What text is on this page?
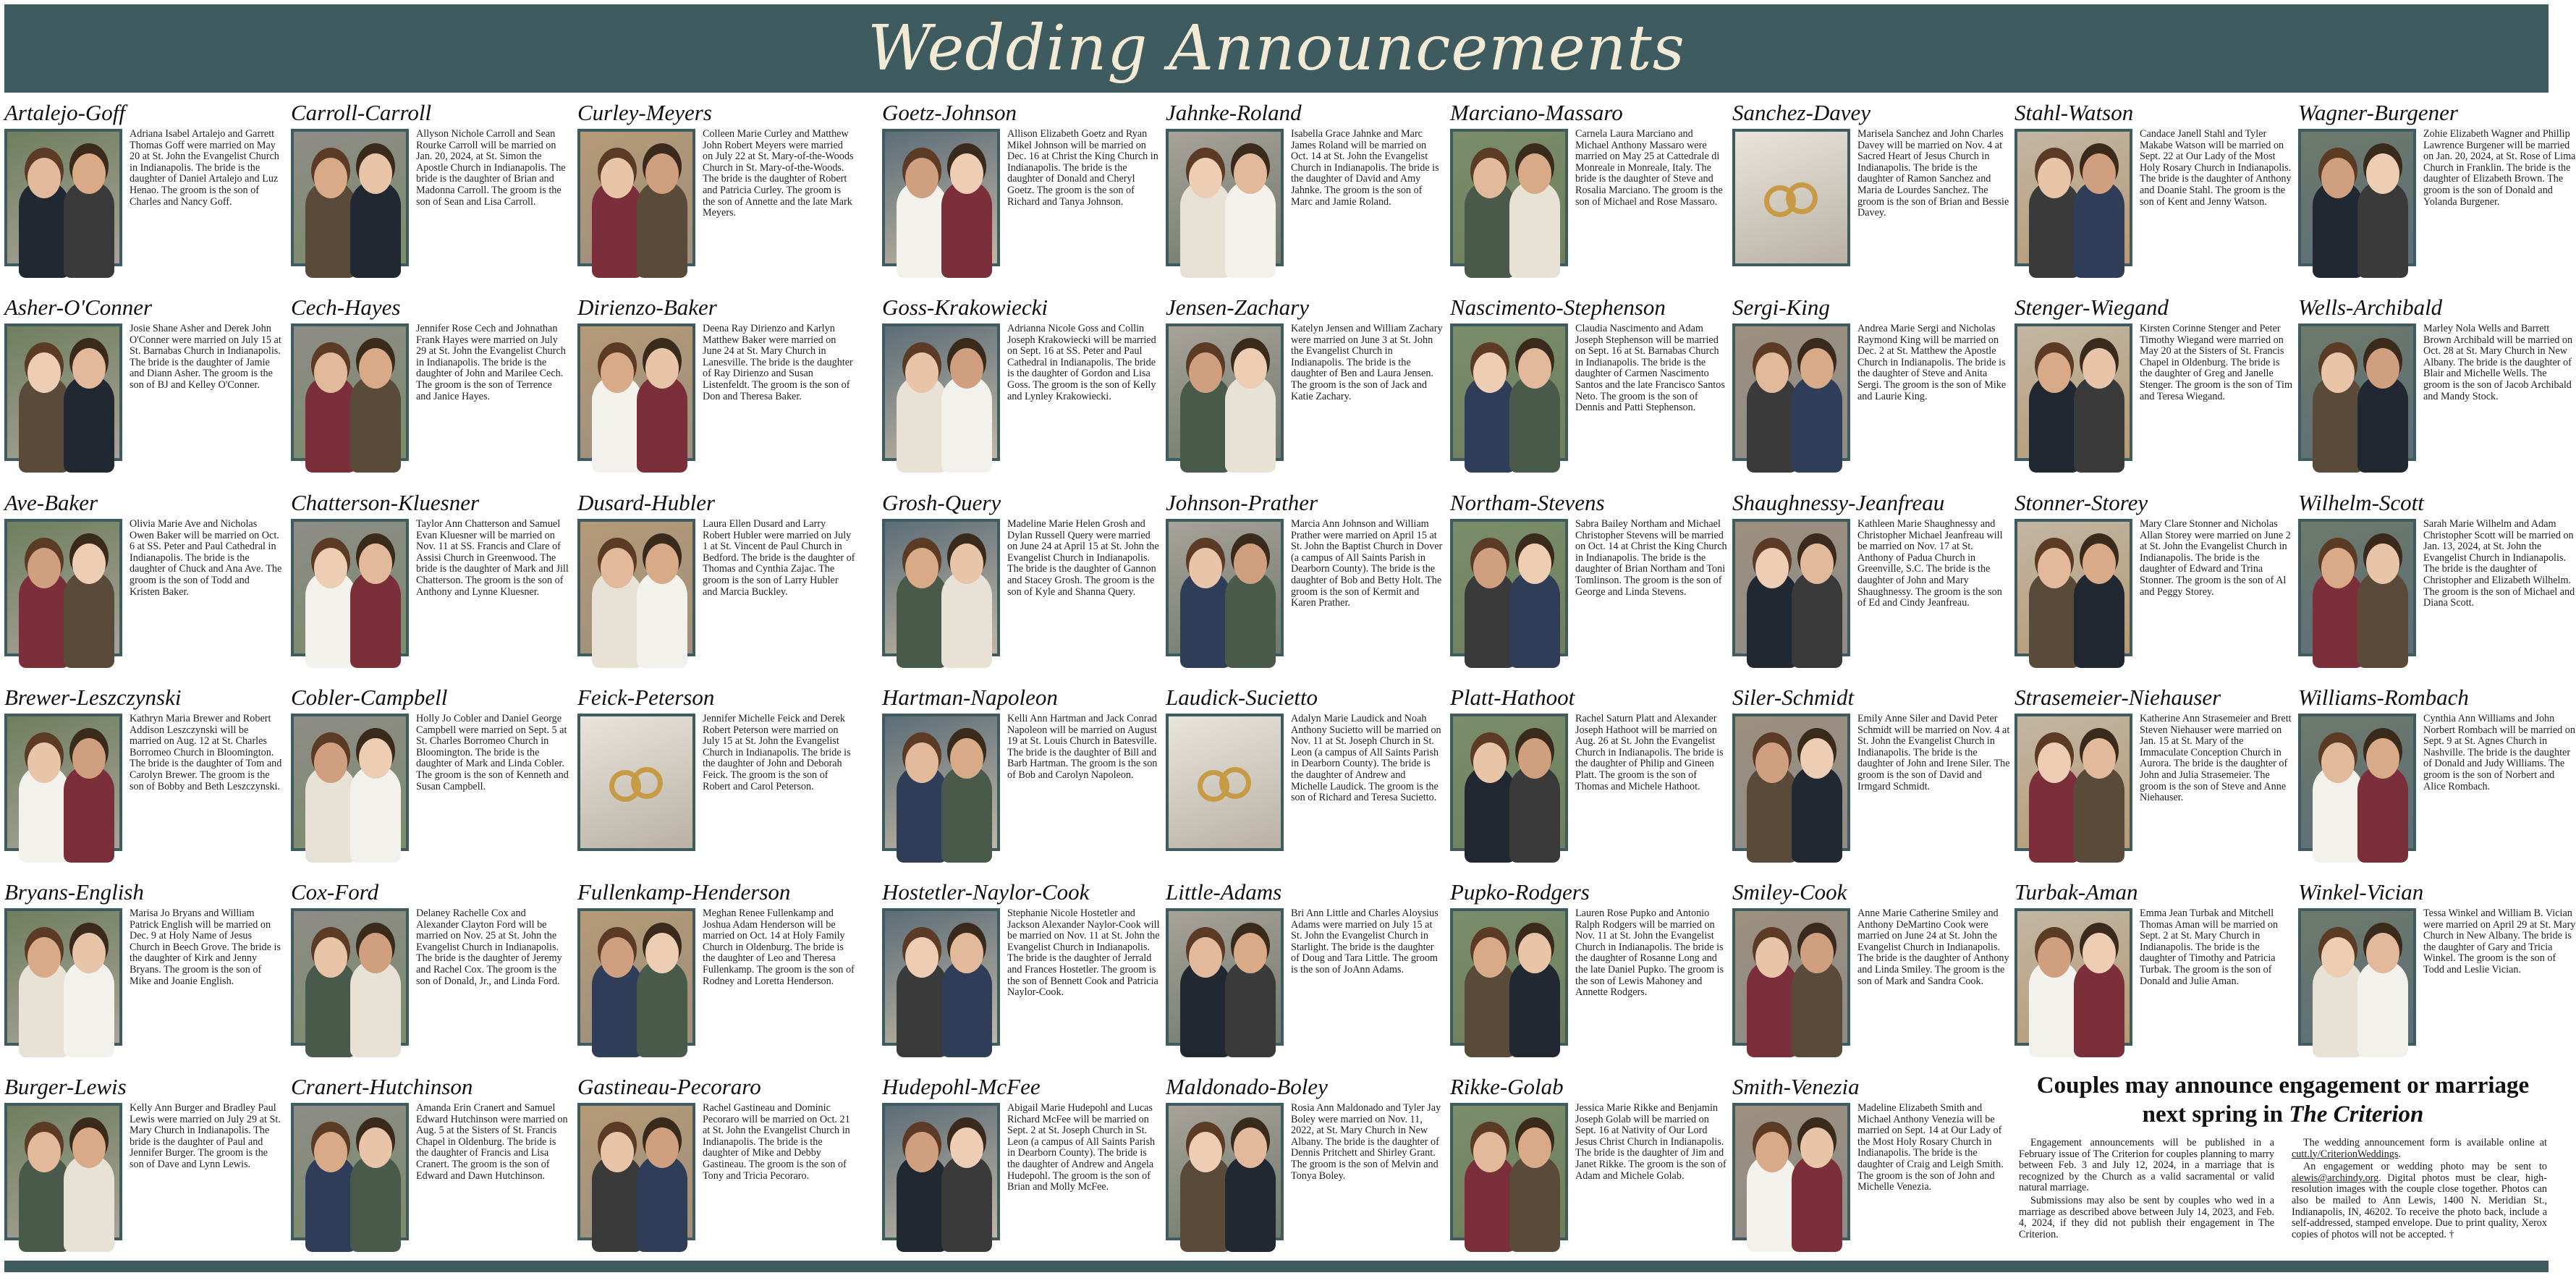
Wedding Announcements
Artalejo-Goff
Adriana Isabel Artalejo and Garrett Thomas Goff were married on May 20 at St. John the Evangelist Church in Indianapolis. The bride is the daughter of Daniel Artalejo and Luz Henao. The groom is the son of Charles and Nancy Goff.
Carroll-Carroll
Allyson Nichole Carroll and Sean Rourke Carroll will be married on Jan. 20, 2024, at St. Simon the Apostle Church in Indianapolis. The bride is the daughter of Brian and Madonna Carroll. The groom is the son of Sean and Lisa Carroll.
Curley-Meyers
Colleen Marie Curley and Matthew John Robert Meyers were married on July 22 at St. Mary-of-the-Woods Church in St. Mary-of-the-Woods. The bride is the daughter of Robert and Patricia Curley. The groom is the son of Annette and the late Mark Meyers.
Goetz-Johnson
Allison Elizabeth Goetz and Ryan Mikel Johnson will be married on Dec. 16 at Christ the King Church in Indianapolis. The bride is the daughter of Donald and Cheryl Goetz. The groom is the son of Richard and Tanya Johnson.
Jahnke-Roland
Isabella Grace Jahnke and Marc James Roland will be married on Oct. 14 at St. John the Evangelist Church in Indianapolis. The bride is the daughter of David and Amy Jahnke. The groom is the son of Marc and Jamie Roland.
Marciano-Massaro
Carnela Laura Marciano and Michael Anthony Massaro were married on May 25 at Cattedrale di Monreale in Monreale, Italy. The bride is the daughter of Steve and Rosalia Marciano. The groom is the son of Michael and Rose Massaro.
Sanchez-Davey
Marisela Sanchez and John Charles Davey will be married on Nov. 4 at Sacred Heart of Jesus Church in Indianapolis. The bride is the daughter of Ramon Sanchez and Maria de Lourdes Sanchez. The groom is the son of Brian and Bessie Davey.
Stahl-Watson
Candace Janell Stahl and Tyler Makabe Watson will be married on Sept. 22 at Our Lady of the Most Holy Rosary Church in Indianapolis. The bride is the daughter of Anthony and Doanie Stahl. The groom is the son of Kent and Jenny Watson.
Wagner-Burgener
Zohie Elizabeth Wagner and Phillip Lawrence Burgener will be married on Jan. 20, 2024, at St. Rose of Lima Church in Franklin. The bride is the daughter of Elizabeth Brown. The groom is the son of Donald and Yolanda Burgener.
Asher-O'Conner
Josie Shane Asher and Derek John O'Conner were married on July 15 at St. Barnabas Church in Indianapolis. The bride is the daughter of Jamie and Diann Asher. The groom is the son of BJ and Kelley O'Conner.
Cech-Hayes
Jennifer Rose Cech and Johnathan Frank Hayes were married on July 29 at St. John the Evangelist Church in Indianapolis. The bride is the daughter of John and Marilee Cech. The groom is the son of Terrence and Janice Hayes.
Dirienzo-Baker
Deena Ray Dirienzo and Karlyn Matthew Baker were married on June 24 at St. Mary Church in Lanesville. The bride is the daughter of Ray Dirienzo and Susan Listenfeldt. The groom is the son of Don and Theresa Baker.
Goss-Krakowiecki
Adrianna Nicole Goss and Collin Joseph Krakowiecki will be married on Sept. 16 at SS. Peter and Paul Cathedral in Indianapolis. The bride is the daughter of Gordon and Lisa Goss. The groom is the son of Kelly and Lynley Krakowiecki.
Jensen-Zachary
Katelyn Jensen and William Zachary were married on June 3 at St. John the Evangelist Church in Indianapolis. The bride is the daughter of Ben and Laura Jensen. The groom is the son of Jack and Katie Zachary.
Nascimento-Stephenson
Claudia Nascimento and Adam Joseph Stephenson will be married on Sept. 16 at St. Barnabas Church in Indianapolis. The bride is the daughter of Carmen Nascimento Santos and the late Francisco Santos Neto. The groom is the son of Dennis and Patti Stephenson.
Sergi-King
Andrea Marie Sergi and Nicholas Raymond King will be married on Dec. 2 at St. Matthew the Apostle Church in Indianapolis. The bride is the daughter of Steve and Anita Sergi. The groom is the son of Mike and Laurie King.
Stenger-Wiegand
Kirsten Corinne Stenger and Peter Timothy Wiegand were married on May 20 at the Sisters of St. Francis Chapel in Oldenburg. The bride is the daughter of Greg and Janelle Stenger. The groom is the son of Tim and Teresa Wiegand.
Wells-Archibald
Marley Nola Wells and Barrett Brown Archibald will be married on Oct. 28 at St. Mary Church in New Albany. The bride is the daughter of Blair and Michelle Wells. The groom is the son of Jacob Archibald and Mandy Stock.
Ave-Baker
Olivia Marie Ave and Nicholas Owen Baker will be married on Oct. 6 at SS. Peter and Paul Cathedral in Indianapolis. The bride is the daughter of Chuck and Ana Ave. The groom is the son of Todd and Kristen Baker.
Chatterson-Kluesner
Taylor Ann Chatterson and Samuel Evan Kluesner will be married on Nov. 11 at SS. Francis and Clare of Assisi Church in Greenwood. The bride is the daughter of Mark and Jill Chatterson. The groom is the son of Anthony and Lynne Kluesner.
Dusard-Hubler
Laura Ellen Dusard and Larry Robert Hubler were married on July 1 at St. Vincent de Paul Church in Bedford. The bride is the daughter of Thomas and Cynthia Zajac. The groom is the son of Larry Hubler and Marcia Buckley.
Grosh-Query
Madeline Marie Helen Grosh and Dylan Russell Query were married on June 24 at April 15 at St. John the Evangelist Church in Indianapolis. The bride is the daughter of Gannon and Stacey Grosh. The groom is the son of Kyle and Shanna Query.
Johnson-Prather
Marcia Ann Johnson and William Prather were married on April 15 at St. John the Baptist Church in Dover (a campus of All Saints Parish in Dearborn County). The bride is the daughter of Bob and Betty Holt. The groom is the son of Kermit and Karen Prather.
Northam-Stevens
Sabra Bailey Northam and Michael Christopher Stevens will be married on Oct. 14 at Christ the King Church in Indianapolis. The bride is the daughter of Brian Northam and Toni Tomlinson. The groom is the son of George and Linda Stevens.
Shaughnessy-Jeanfreau
Kathleen Marie Shaughnessy and Christopher Michael Jeanfreau will be married on Nov. 17 at St. Anthony of Padua Church in Greenville, S.C. The bride is the daughter of John and Mary Shaughnessy. The groom is the son of Ed and Cindy Jeanfreau.
Stonner-Storey
Mary Clare Stonner and Nicholas Allan Storey were married on June 2 at St. John the Evangelist Church in Indianapolis. The bride is the daughter of Edward and Trina Stonner. The groom is the son of Al and Peggy Storey.
Wilhelm-Scott
Sarah Marie Wilhelm and Adam Christopher Scott will be married on Jan. 13, 2024, at St. John the Evangelist Church in Indianapolis. The bride is the daughter of Christopher and Elizabeth Wilhelm. The groom is the son of Michael and Diana Scott.
Brewer-Leszczynski
Kathryn Maria Brewer and Robert Addison Leszczynski will be married on Aug. 12 at St. Charles Borromeo Church in Bloomington. The bride is the daughter of Tom and Carolyn Brewer. The groom is the son of Bobby and Beth Leszczynski.
Cobler-Campbell
Holly Jo Cobler and Daniel George Campbell were married on Sept. 5 at St. Charles Borromeo Church in Bloomington. The bride is the daughter of Mark and Linda Cobler. The groom is the son of Kenneth and Susan Campbell.
Feick-Peterson
Jennifer Michelle Feick and Derek Robert Peterson were married on July 15 at St. John the Evangelist Church in Indianapolis. The bride is the daughter of John and Deborah Feick. The groom is the son of Robert and Carol Peterson.
Hartman-Napoleon
Kelli Ann Hartman and Jack Conrad Napoleon will be married on August 19 at St. Louis Church in Batesville. The bride is the daughter of Bill and Barb Hartman. The groom is the son of Bob and Carolyn Napoleon.
Laudick-Sucietto
Adalyn Marie Laudick and Noah Anthony Sucietto will be married on Nov. 11 at St. Joseph Church in St. Leon (a campus of All Saints Parish in Dearborn County). The bride is the daughter of Andrew and Michelle Laudick. The groom is the son of Richard and Teresa Sucietto.
Platt-Hathoot
Rachel Saturn Platt and Alexander Joseph Hathoot will be married on Aug. 26 at St. John the Evangelist Church in Indianapolis. The bride is the daughter of Philip and Gineen Platt. The groom is the son of Thomas and Michele Hathoot.
Siler-Schmidt
Emily Anne Siler and David Peter Schmidt will be married on Nov. 4 at St. John the Evangelist Church in Indianapolis. The bride is the daughter of John and Irene Siler. The groom is the son of David and Irmgard Schmidt.
Strasemeier-Niehauser
Katherine Ann Strasemeier and Brett Steven Niehauser were married on Jan. 15 at St. Mary of the Immaculate Conception Church in Aurora. The bride is the daughter of John and Julia Strasemeier. The groom is the son of Steve and Anne Niehauser.
Williams-Rombach
Cynthia Ann Williams and John Norbert Rombach will be married on Sept. 9 at St. Agnes Church in Nashville. The bride is the daughter of Donald and Judy Williams. The groom is the son of Norbert and Alice Rombach.
Bryans-English
Marisa Jo Bryans and William Patrick English will be married on Dec. 9 at Holy Name of Jesus Church in Beech Grove. The bride is the daughter of Kirk and Jenny Bryans. The groom is the son of Mike and Joanie English.
Cox-Ford
Delaney Rachelle Cox and Alexander Clayton Ford will be married on Nov. 25 at St. John the Evangelist Church in Indianapolis. The bride is the daughter of Jeremy and Rachel Cox. The groom is the son of Donald, Jr., and Linda Ford.
Fullenkamp-Henderson
Meghan Renee Fullenkamp and Joshua Adam Henderson will be married on Oct. 14 at Holy Family Church in Oldenburg. The bride is the daughter of Leo and Theresa Fullenkamp. The groom is the son of Rodney and Loretta Henderson.
Hostetler-Naylor-Cook
Stephanie Nicole Hostetler and Jackson Alexander Naylor-Cook will be married on Nov. 11 at St. John the Evangelist Church in Indianapolis. The bride is the daughter of Jerrald and Frances Hostetler. The groom is the son of Bennett Cook and Patricia Naylor-Cook.
Little-Adams
Bri Ann Little and Charles Aloysius Adams were married on July 15 at St. John the Evangelist Church in Starlight. The bride is the daughter of Doug and Tara Little. The groom is the son of JoAnn Adams.
Pupko-Rodgers
Lauren Rose Pupko and Antonio Ralph Rodgers will be married on Nov. 11 at St. John the Evangelist Church in Indianapolis. The bride is the daughter of Rosanne Long and the late Daniel Pupko. The groom is the son of Lewis Mahoney and Annette Rodgers.
Smiley-Cook
Anne Marie Catherine Smiley and Anthony DeMartino Cook were married on June 24 at St. John the Evangelist Church in Indianapolis. The bride is the daughter of Anthony and Linda Smiley. The groom is the son of Mark and Sandra Cook.
Turbak-Aman
Emma Jean Turbak and Mitchell Thomas Aman will be married on Sept. 2 at St. Mary Church in Indianapolis. The bride is the daughter of Timothy and Patricia Turbak. The groom is the son of Donald and Julie Aman.
Winkel-Vician
Tessa Winkel and William B. Vician were married on April 29 at St. Mary Church in New Albany. The bride is the daughter of Gary and Tricia Winkel. The groom is the son of Todd and Leslie Vician.
Burger-Lewis
Kelly Ann Burger and Bradley Paul Lewis were married on July 29 at St. Mary Church in Indianapolis. The bride is the daughter of Paul and Jennifer Burger. The groom is the son of Dave and Lynn Lewis.
Cranert-Hutchinson
Amanda Erin Cranert and Samuel Edward Hutchinson were married on Aug. 5 at the Sisters of St. Francis Chapel in Oldenburg. The bride is the daughter of Francis and Lisa Cranert. The groom is the son of Edward and Dawn Hutchinson.
Gastineau-Pecoraro
Rachel Gastineau and Dominic Pecoraro will be married on Oct. 21 at St. John the Evangelist Church in Indianapolis. The bride is the daughter of Mike and Debby Gastineau. The groom is the son of Tony and Tricia Pecoraro.
Hudepohl-McFee
Abigail Marie Hudepohl and Lucas Richard McFee will be married on Sept. 2 at St. Joseph Church in St. Leon (a campus of All Saints Parish in Dearborn County). The bride is the daughter of Andrew and Angela Hudepohl. The groom is the son of Brian and Molly McFee.
Maldonado-Boley
Rosia Ann Maldonado and Tyler Jay Boley were married on Nov. 11, 2022, at St. Mary Church in New Albany. The bride is the daughter of Dennis Pritchett and Shirley Grant. The groom is the son of Melvin and Tonya Boley.
Rikke-Golab
Jessica Marie Rikke and Benjamin Joseph Golab will be married on Sept. 16 at Nativity of Our Lord Jesus Christ Church in Indianapolis. The bride is the daughter of Jim and Janet Rikke. The groom is the son of Adam and Michele Golab.
Smith-Venezia
Madeline Elizabeth Smith and Michael Anthony Venezia will be married on Sept. 14 at Our Lady of the Most Holy Rosary Church in Indianapolis. The bride is the daughter of Craig and Leigh Smith. The groom is the son of John and Michelle Venezia.
Couples may announce engagement or marriage
next spring in The Criterion

Engagement announcements will be published in a February issue of The Criterion for couples planning to marry between Feb. 3 and July 12, 2024, in a marriage that is recognized by the Church as a valid sacramental or valid natural marriage.

Submissions may also be sent by couples who wed in a marriage as described above between July 14, 2023, and Feb. 4, 2024, if they did not publish their engagement in The Criterion.

The wedding announcement form is available online at cutt.ly/CriterionWeddings.

An engagement or wedding photo may be sent to alewis@archindy.org. Digital photos must be clear, high-resolution images with the couple close together. Photos can also be mailed to Ann Lewis, 1400 N. Meridian St., Indianapolis, IN, 46202. To receive the photo back, include a self-addressed, stamped envelope. Due to print quality, Xerox copies of photos will not be accepted. †
